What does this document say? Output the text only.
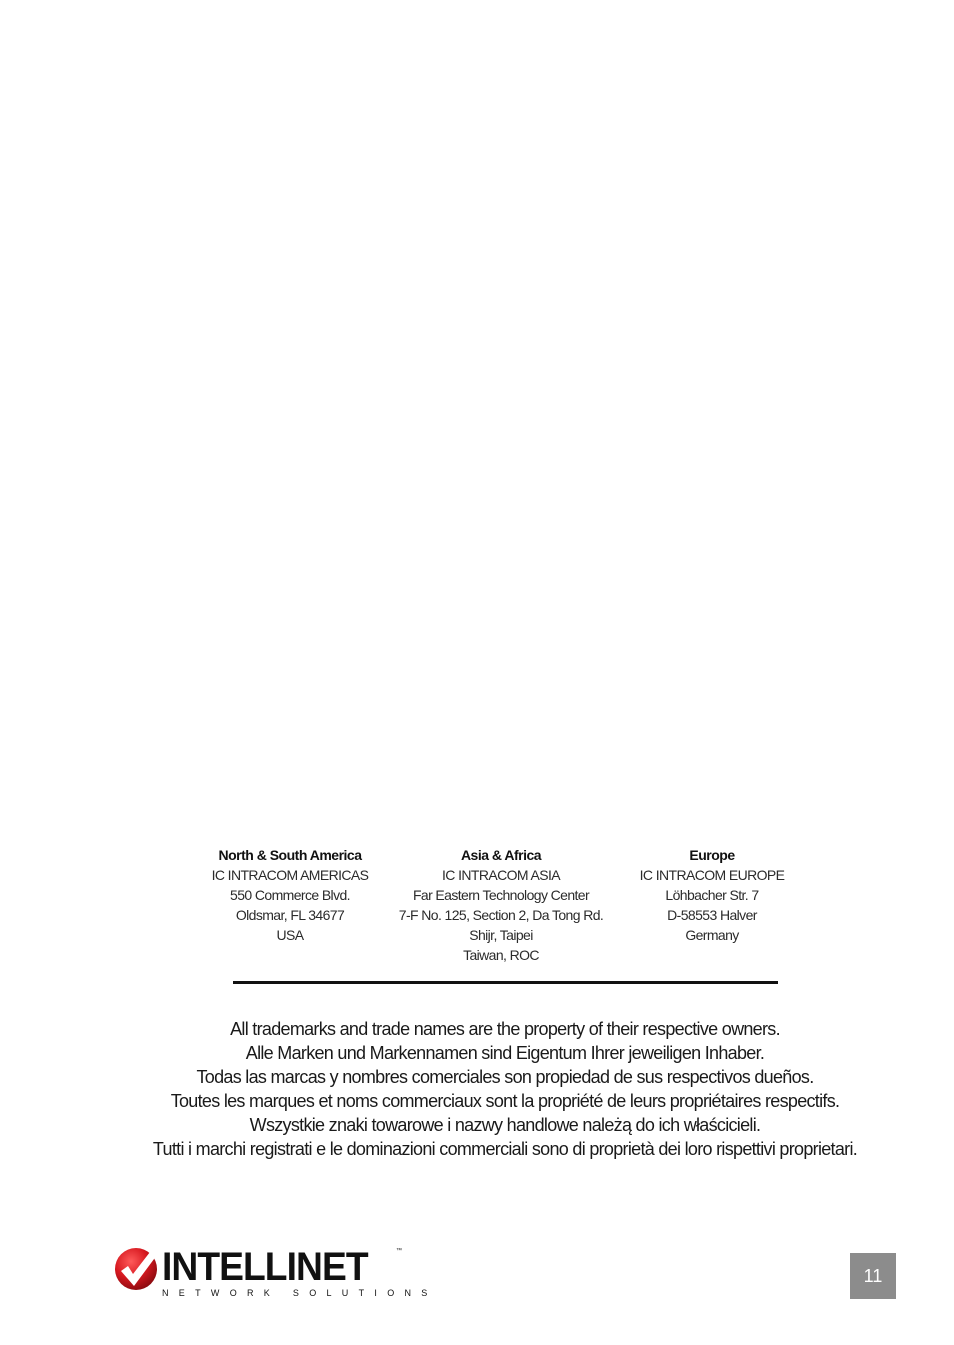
North & South America
IC INTRACOM AMERICAS
550 Commerce Blvd.
Oldsmar, FL 34677
USA
Asia & Africa
IC INTRACOM ASIA
Far Eastern Technology Center
7-F No. 125, Section 2, Da Tong Rd.
Shijr, Taipei
Taiwan, ROC
Europe
IC INTRACOM EUROPE
Löhbacher Str. 7
D-58553 Halver
Germany
All trademarks and trade names are the property of their respective owners.
Alle Marken und Markennamen sind Eigentum Ihrer jeweiligen Inhaber.
Todas las marcas y nombres comerciales son propiedad de sus respectivos dueños.
Toutes les marques et noms commerciaux sont la propriété de leurs propriétaires respectifs.
Wszystkie znaki towarowe i nazwy handlowe należą do ich właścicieli.
Tutti i marchi registrati e le dominazioni commerciali sono di proprietà dei loro rispettivi proprietari.
INTELLINET	™
NETWORK SOLUTIONS
11
